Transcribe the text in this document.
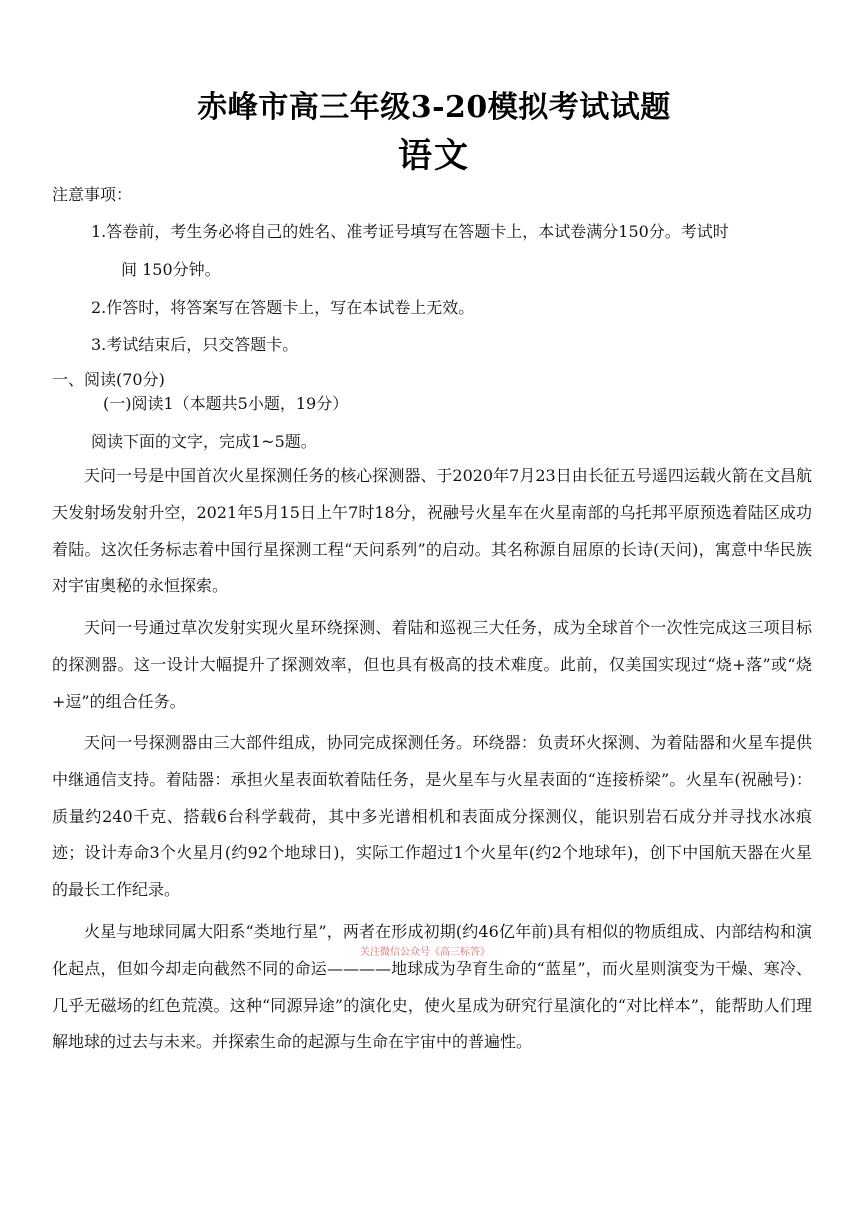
赤峰市高三年级3-20模拟考试试题
语文
注意事项：
1.答卷前，考生务必将自己的姓名、准考证号填写在答题卡上，本试卷满分150分。考试时
间 150分钟。
2.作答时，将答案写在答题卡上，写在本试卷上无效。
3.考试结束后，只交答题卡。
一、阅读(70分)
(一)阅读1（本题共5小题，19分）
阅读下面的文字，完成1~5题。
天问一号是中国首次火星探测任务的核心探测器、于2020年7月23日由长征五号遥四运载火箭在文昌航天发射场发射升空，2021年5月15日上午7时18分，祝融号火星车在火星南部的乌托邦平原预选着陆区成功着陆。这次任务标志着中国行星探测工程“天问系列”的启动。其名称源自屈原的长诗(天问)，寓意中华民族对宇宙奥秘的永恒探索。
天问一号通过草次发射实现火星环绕探测、着陆和巡视三大任务，成为全球首个一次性完成这三项目标的探测器。这一设计大幅提升了探测效率，但也具有极高的技术难度。此前，仅美国实现过“烧+落”或“烧+逗”的组合任务。
天问一号探测器由三大部件组成，协同完成探测任务。环绕器：负责环火探测、为着陆器和火星车提供中继通信支持。着陆器：承担火星表面软着陆任务，是火星车与火星表面的“连接桥梁”。火星车(祝融号)：质量约240千克、搭载6台科学载荷，其中多光谱相机和表面成分探测仪，能识别岩石成分并寻找水冰痕迹；设计寿命3个火星月(约92个地球日)，实际工作超过1个火星年(约2个地球年)，创下中国航天器在火星的最长工作纪录。
火星与地球同属大阳系“类地行星”，两者在形成初期(约46亿年前)具有相似的物质组成、内部结构和演化起点，但如今却走向截然不同的命运————地球成为孕育生命的“蓝星”，而火星则演变为干燥、寒冷、几乎无磁场的红色荒漠。这种“同源异途”的演化史，使火星成为研究行星演化的“对比样本”，能帮助人们理解地球的过去与未来。并探索生命的起源与生命在宇宙中的普遍性。
关注微信公众号《高三标答》
